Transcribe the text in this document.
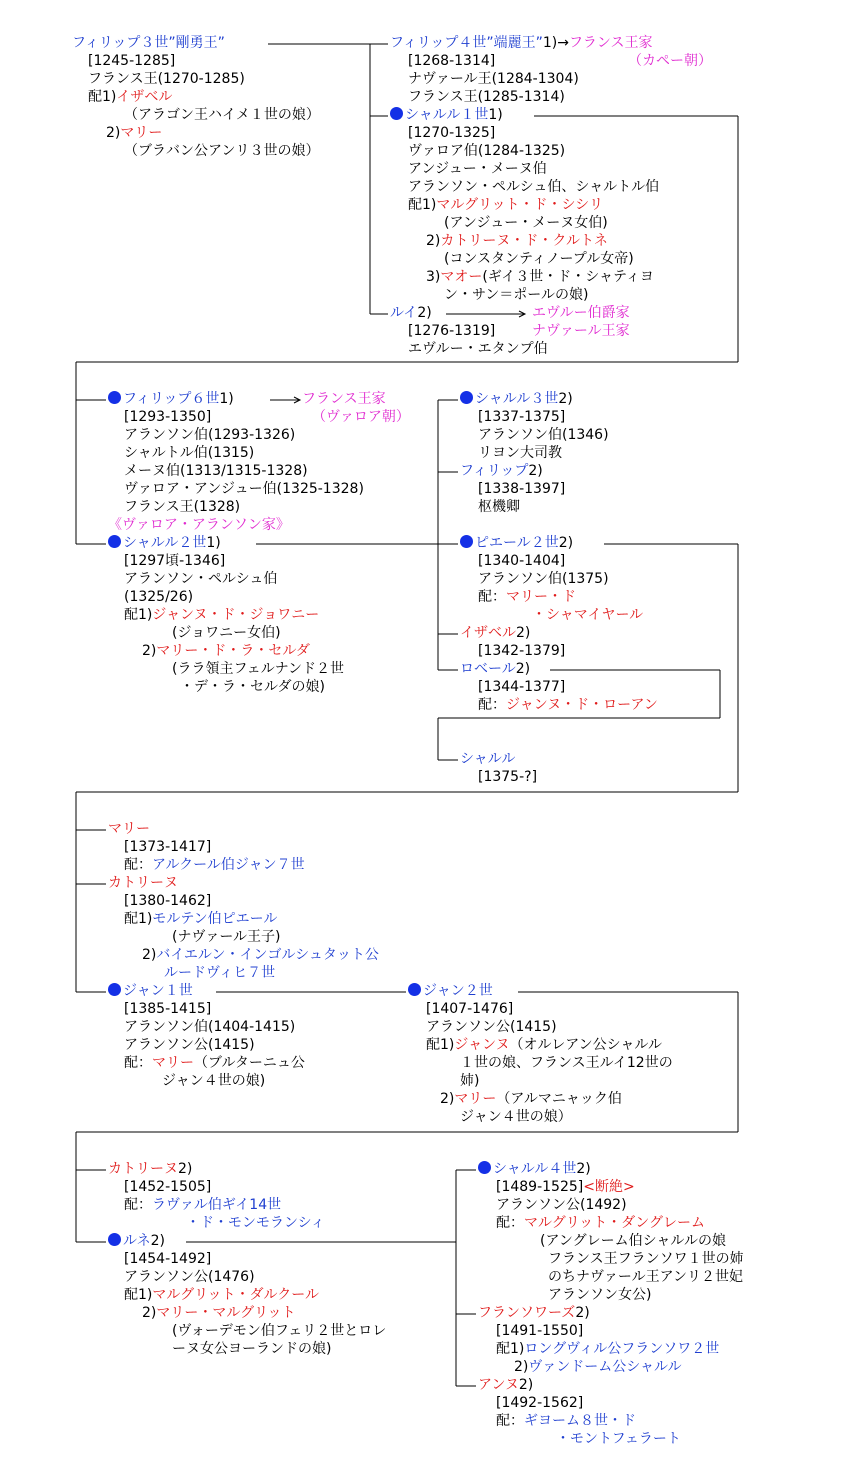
フィリップ３世”剛勇王”
[1245-1285]
フランス王(1270-1285)
配1)イザベル
（アラゴン王ハイメ１世の娘）
2)マリー
（ブラバン公アンリ３世の娘）
フィリップ４世”端麗王”1)→フランス王家
[1268-1314]	（カペー朝）
ナヴァール王(1284-1304)
フランス王(1285-1314)
シャルル１世1)
[1270-1325]
ヴァロア伯(1284-1325)
アンジュー・メーヌ伯
アランソン・ペルシュ伯、シャルトル伯
配1)マルグリット・ド・シシリ
(アンジュー・メーヌ女伯)
2)カトリーヌ・ド・クルトネ
(コンスタンティノープル女帝)
3)マオー(ギイ３世・ド・シャティヨ
ン・サン＝ポールの娘)
ルイ2)	エヴルー伯爵家
[1276-1319]	ナヴァール王家
エヴルー・エタンプ伯
フィリップ６世1)	フランス王家
[1293-1350]	（ヴァロア朝）
アランソン伯(1293-1326)
シャルトル伯(1315)
メーヌ伯(1313/1315-1328)
ヴァロア・アンジュー伯(1325-1328)
フランス王(1328)
《ヴァロア・アランソン家》
シャルル２世1)
[1297頃-1346]
アランソン・ペルシュ伯
(1325/26)
配1)ジャンヌ・ド・ジョワニー
(ジョワニー女伯)
2)マリー・ド・ラ・セルダ
(ララ領主フェルナンド２世
・デ・ラ・セルダの娘)
シャルル３世2)
[1337-1375]
アランソン伯(1346)
リヨン大司教
フィリップ2)
[1338-1397]
枢機卿
ピエール２世2)
[1340-1404]
アランソン伯(1375)
配：マリー・ド
・シャマイヤール
イザベル2)
[1342-1379]
ロベール2)
[1344-1377]
配：ジャンヌ・ド・ローアン
シャルル
[1375-?]
マリー
[1373-1417]
配：アルクール伯ジャン７世
カトリーヌ
[1380-1462]
配1)モルテン伯ピエール
(ナヴァール王子)
2)バイエルン・インゴルシュタット公
ルードヴィヒ７世
ジャン１世
[1385-1415]
アランソン伯(1404-1415)
アランソン公(1415)
配：マリー（ブルターニュ公
ジャン４世の娘)
ジャン２世
[1407-1476]
アランソン公(1415)
配1)ジャンヌ（オルレアン公シャルル
１世の娘、フランス王ルイ12世の
姉)
2)マリー（アルマニャック伯
ジャン４世の娘）
カトリーヌ2)
[1452-1505]
配：ラヴァル伯ギイ14世
・ド・モンモランシィ
ルネ2)
[1454-1492]
アランソン公(1476)
配1)マルグリット・ダルクール
2)マリー・マルグリット
(ヴォーデモン伯フェリ２世とロレ
ーヌ女公ヨーランドの娘)
シャルル４世2)
[1489-1525]<断絶>
アランソン公(1492)
配：マルグリット・ダングレーム
(アングレーム伯シャルルの娘
フランス王フランソワ１世の姉
のちナヴァール王アンリ２世妃
アランソン女公)
フランソワーズ2)
[1491-1550]
配1)ロングヴィル公フランソワ２世
2)ヴァンドーム公シャルル
アンヌ2)
[1492-1562]
配：ギヨーム８世・ド
・モントフェラート
